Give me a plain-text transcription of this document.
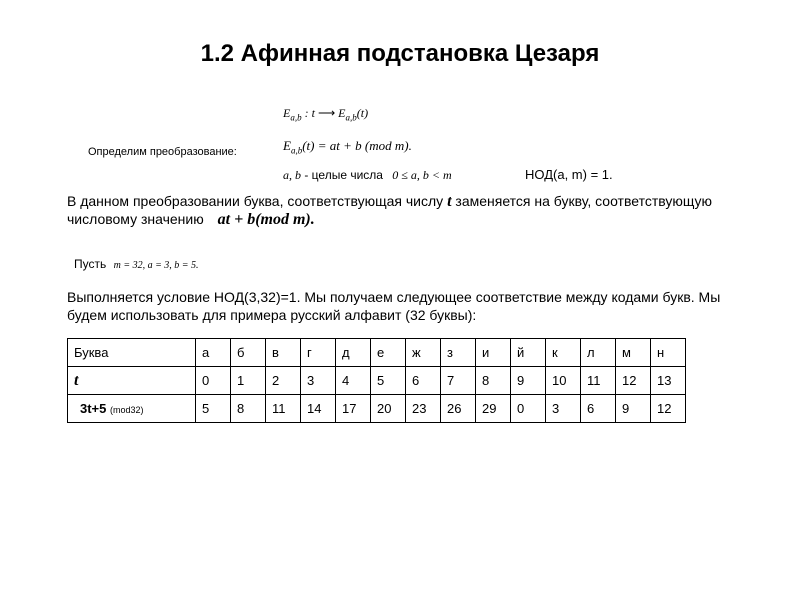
1.2 Афинная подстановка Цезаря
$E_{a,b}$ : t ⟶ $E_{a,b}(t)$
Определим преобразование:	$E_{a,b}(t)$ = at + b (mod m).
a, b - целые числа 0 ≤ a, b < m	НОД(a, m) = 1.
В данном преобразовании буква, соответствующая числу t заменяется на букву, соответствующую
числовому значению at + b(mod m).
Пусть m = 32, a = 3, b = 5.
Выполняется условие НОД(3,32)=1. Мы получаем следующее соответствие между кодами букв. Мы
будем использовать для примера русский алфавит (32 буквы):
Буква	а	б	в	г	д	е	ж	з	и	й	к	л	м	н
t	0	1	2	3	4	5	6	7	8	9	10	11	12	13
3t+5 (mod32)	5	8	11	14	17	20	23	26	29	0	3	6	9	12
